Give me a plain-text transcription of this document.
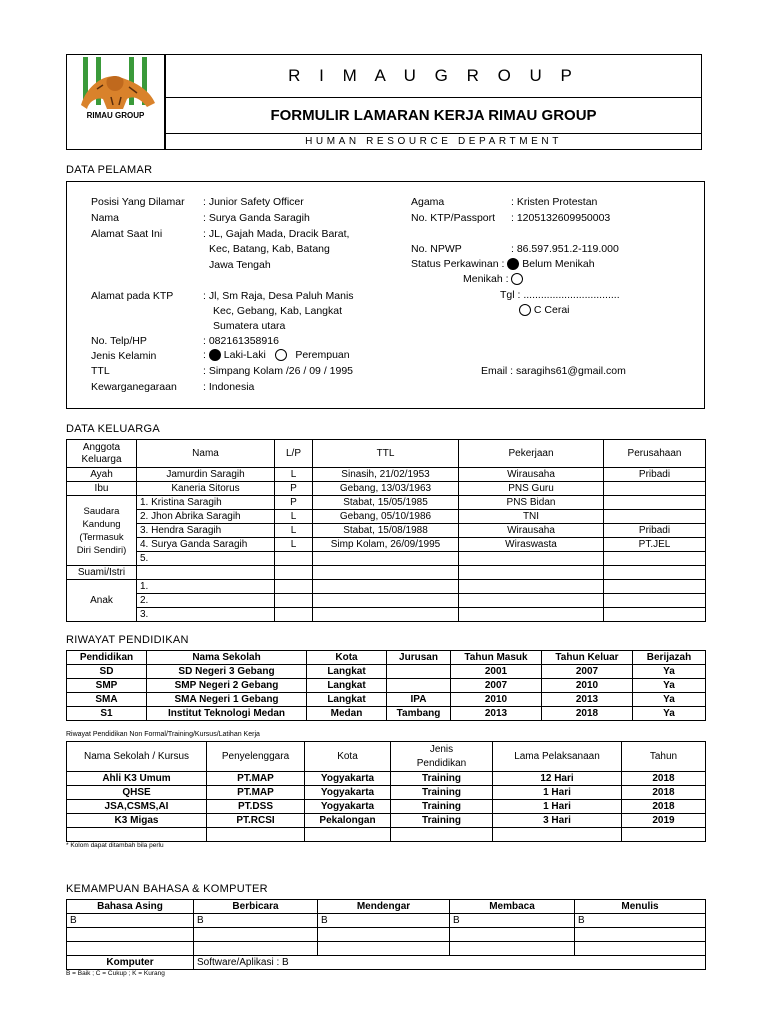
RIMAU GROUP
R I M A U G R O U P
FORMULIR LAMARAN KERJA RIMAU GROUP
HUMAN RESOURCE DEPARTMENT
DATA PELAMAR
Posisi Yang Dilamar : Junior Safety Officer
Nama	: Surya Ganda Saragih
Alamat Saat Ini	: JL, Gajah Mada, Dracik Barat,
Kec, Batang, Kab, Batang
Jawa Tengah
Alamat pada KTP	: Jl, Sm Raja, Desa Paluh Manis
Kec, Gebang, Kab, Langkat
Sumatera utara
No. Telp/HP	: 082161358916
Jenis Kelamin	: Laki-Laki	Perempuan
TTL	: Simpang Kolam /26 / 09 / 1995
Kewarganegaraan : Indonesia
Agama	: Kristen Protestan
No. KTP/Passport : 1205132609950003
No. NPWP	: 86.597.951.2-119.000
Status Perkawinan : Belum Menikah
Menikah :
Tgl : .................................
C Cerai
Email : saragihs61@gmail.com
DATA KELUARGA
Anggota
Keluarga	Nama	L/P	TTL	Pekerjaan	Perusahaan
Ayah	Jamurdin Saragih	L	Sinasih, 21/02/1953	Wirausaha	Pribadi
Ibu	Kaneria Sitorus	P	Gebang, 13/03/1963	PNS Guru	
Saudara
Kandung
(Termasuk
Diri Sendiri)	1. Kristina Saragih	P	Stabat, 15/05/1985	PNS Bidan	
	2. Jhon Abrika Saragih	L	Gebang, 05/10/1986	TNI	
	3. Hendra Saragih	L	Stabat, 15/08/1988	Wirausaha	Pribadi
	4. Surya Ganda Saragih	L	Simp Kolam, 26/09/1995	Wiraswasta	PT.JEL
	5.				
Suami/Istri					
Anak	1.				
	2.				
	3.				
RIWAYAT PENDIDIKAN
Pendidikan	Nama Sekolah	Kota	Jurusan	Tahun Masuk	Tahun Keluar	Berijazah
SD	SD Negeri 3 Gebang	Langkat		2001	2007	Ya
SMP	SMP Negeri 2 Gebang	Langkat		2007	2010	Ya
SMA	SMA Negeri 1 Gebang	Langkat	IPA	2010	2013	Ya
S1	Institut Teknologi Medan	Medan	Tambang	2013	2018	Ya
Riwayat Pendidikan Non Formal/Training/Kursus/Latihan Kerja
Nama Sekolah / Kursus	Penyelenggara	Kota	Jenis
Pendidikan	Lama Pelaksanaan	Tahun
Ahli K3 Umum	PT.MAP	Yogyakarta	Training	12 Hari	2018
QHSE	PT.MAP	Yogyakarta	Training	1 Hari	2018
JSA,CSMS,AI	PT.DSS	Yogyakarta	Training	1 Hari	2018
K3 Migas	PT.RCSI	Pekalongan	Training	3 Hari	2019

* Kolom dapat ditambah bila perlu
KEMAMPUAN BAHASA & KOMPUTER
Bahasa Asing	Berbicara	Mendengar	Membaca	Menulis
B	B	B	B	B

Komputer	Software/Aplikasi : B			
B = Baik ; C = Cukup ; K = Kurang
